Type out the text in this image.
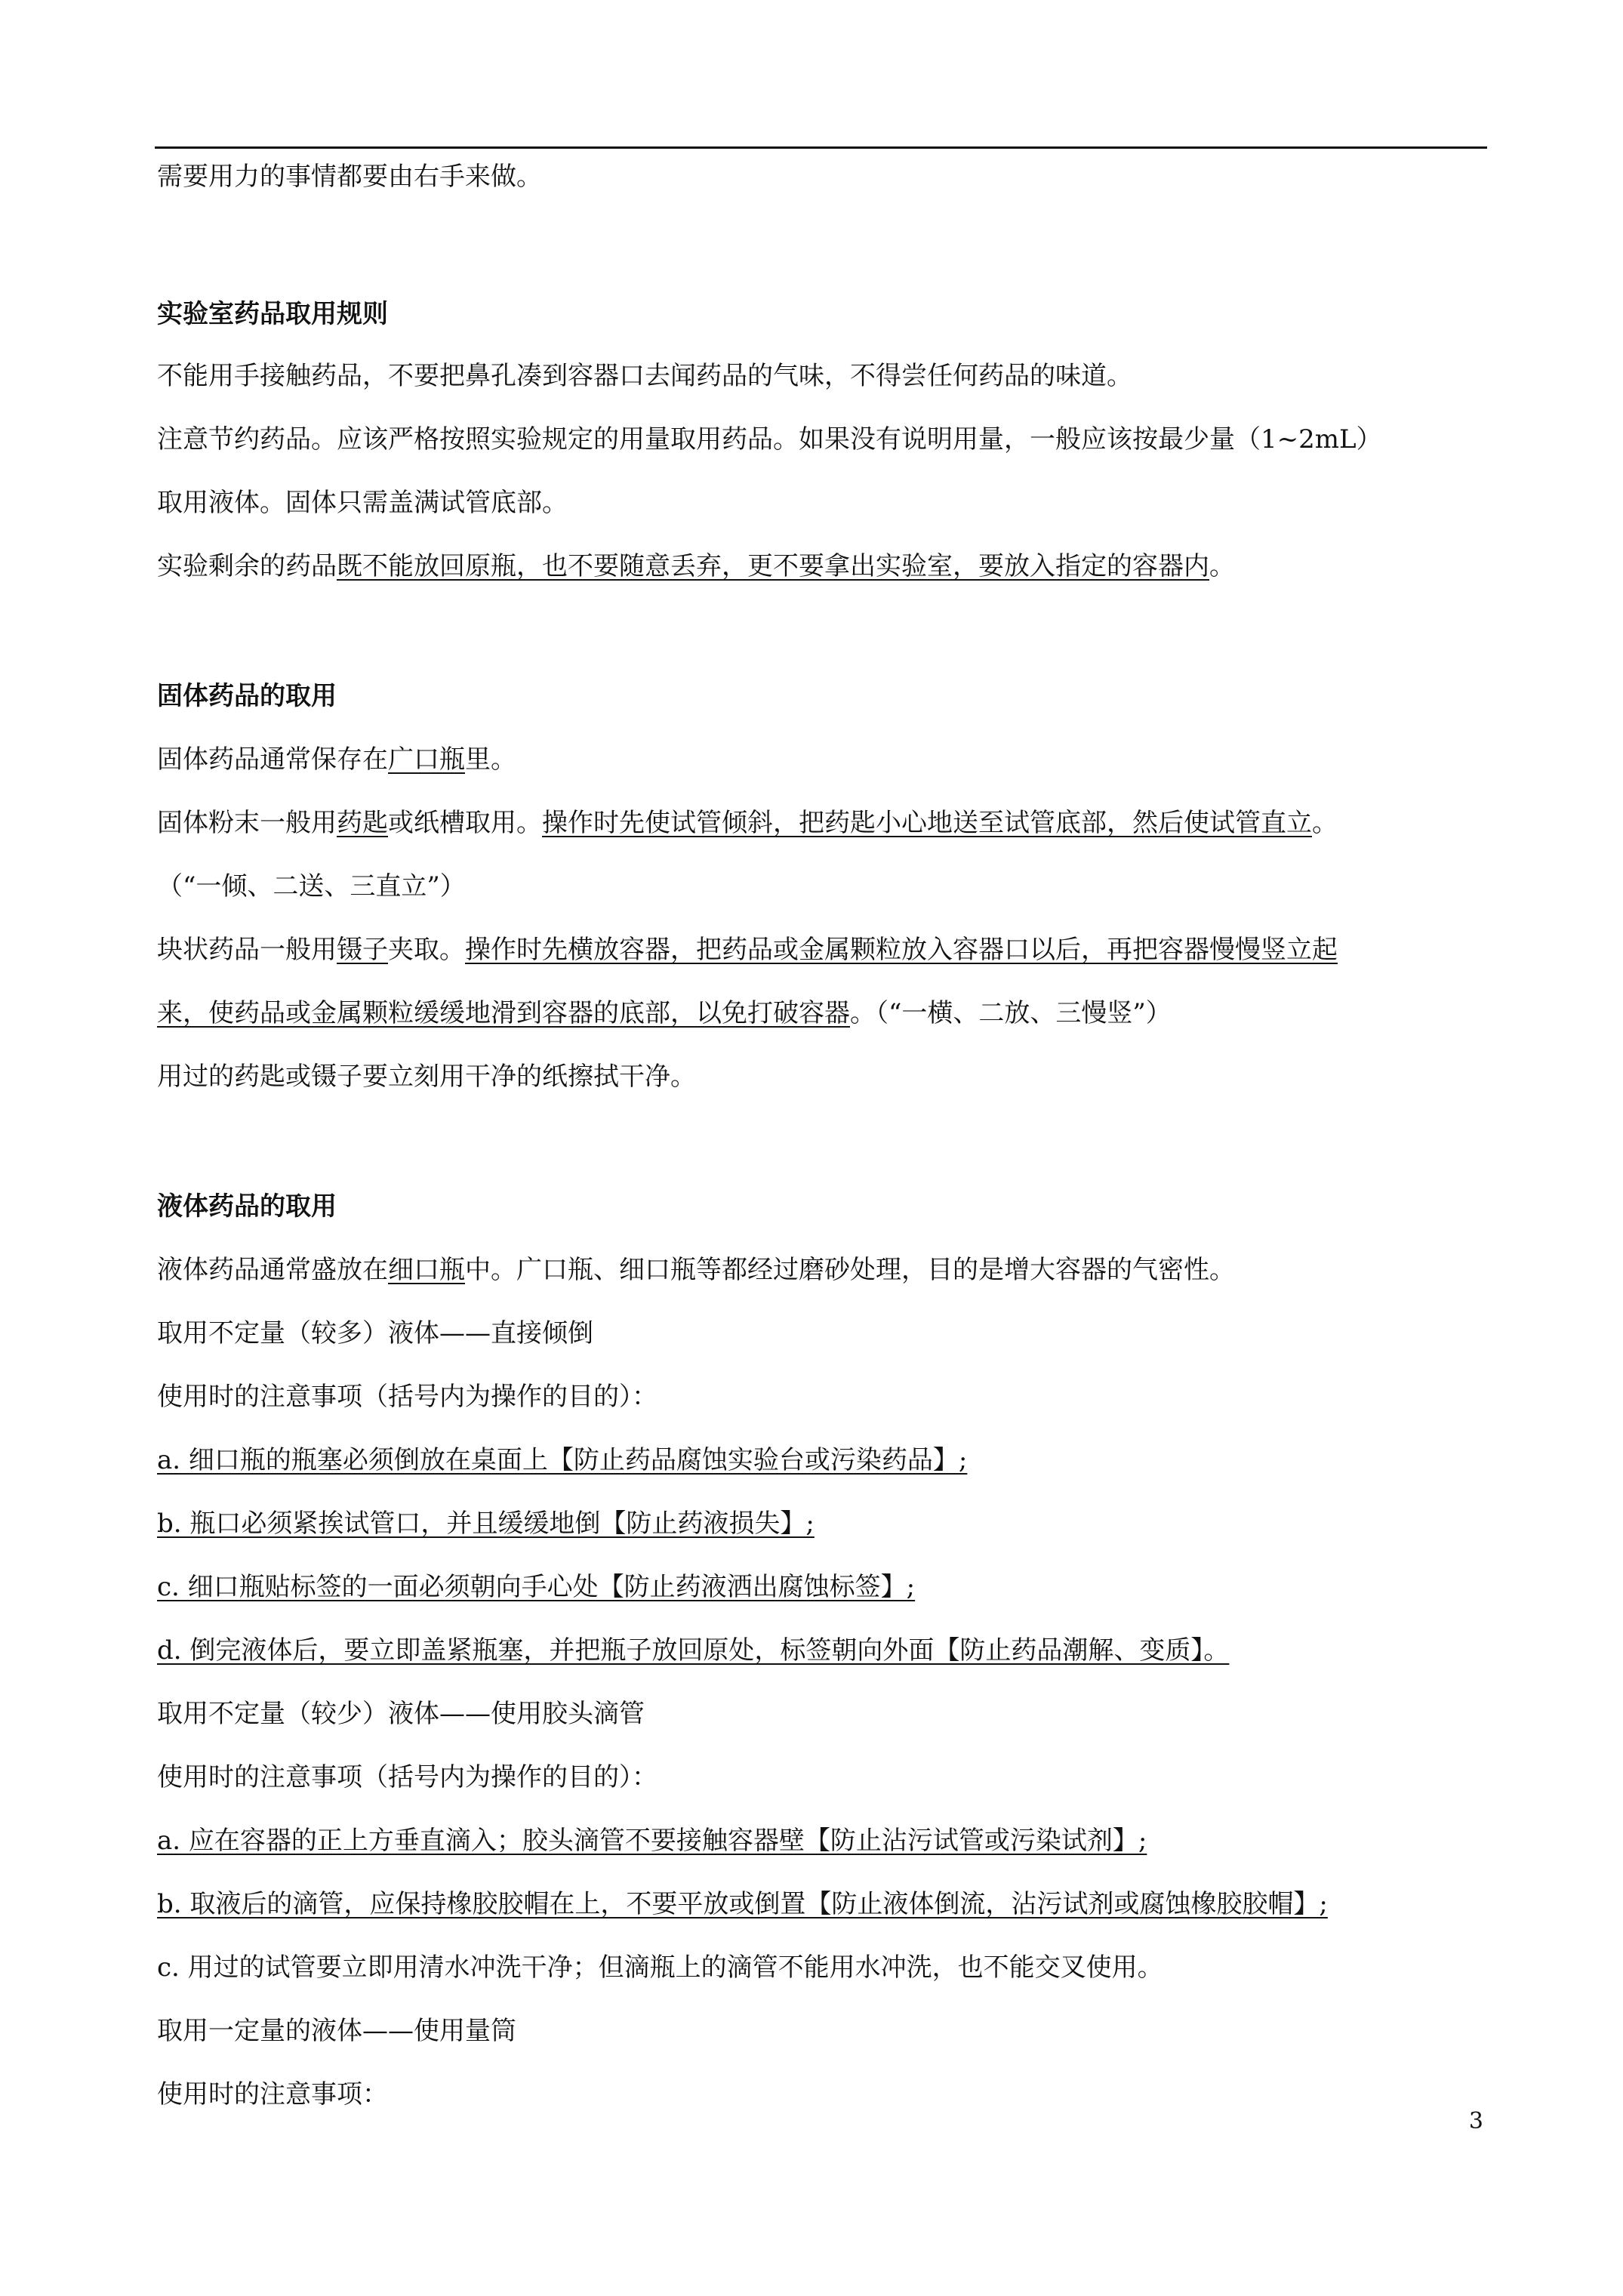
需要用力的事情都要由右手来做。
实验室药品取用规则
不能用手接触药品，不要把鼻孔凑到容器口去闻药品的气味，不得尝任何药品的味道。
注意节约药品。应该严格按照实验规定的用量取用药品。如果没有说明用量，一般应该按最少量（1~2mL）
取用液体。固体只需盖满试管底部。
实验剩余的药品既不能放回原瓶，也不要随意丢弃，更不要拿出实验室，要放入指定的容器内。
固体药品的取用
固体药品通常保存在广口瓶里。
固体粉末一般用药匙或纸槽取用。操作时先使试管倾斜，把药匙小心地送至试管底部，然后使试管直立。
（“一倾、二送、三直立”）
块状药品一般用镊子夹取。操作时先横放容器，把药品或金属颗粒放入容器口以后，再把容器慢慢竖立起
来，使药品或金属颗粒缓缓地滑到容器的底部，以免打破容器。（“一横、二放、三慢竖”）
用过的药匙或镊子要立刻用干净的纸擦拭干净。
液体药品的取用
液体药品通常盛放在细口瓶中。广口瓶、细口瓶等都经过磨砂处理，目的是增大容器的气密性。
取用不定量（较多）液体——直接倾倒
使用时的注意事项（括号内为操作的目的）：
a. 细口瓶的瓶塞必须倒放在桌面上【防止药品腐蚀实验台或污染药品】;
b. 瓶口必须紧挨试管口，并且缓缓地倒【防止药液损失】;
c. 细口瓶贴标签的一面必须朝向手心处【防止药液洒出腐蚀标签】;
d. 倒完液体后，要立即盖紧瓶塞，并把瓶子放回原处，标签朝向外面【防止药品潮解、变质】。
取用不定量（较少）液体——使用胶头滴管
使用时的注意事项（括号内为操作的目的）：
a. 应在容器的正上方垂直滴入；胶头滴管不要接触容器壁【防止沾污试管或污染试剂】;
b. 取液后的滴管，应保持橡胶胶帽在上，不要平放或倒置【防止液体倒流，沾污试剂或腐蚀橡胶胶帽】;
c. 用过的试管要立即用清水冲洗干净；但滴瓶上的滴管不能用水冲洗，也不能交叉使用。
取用一定量的液体——使用量筒
使用时的注意事项：
3
